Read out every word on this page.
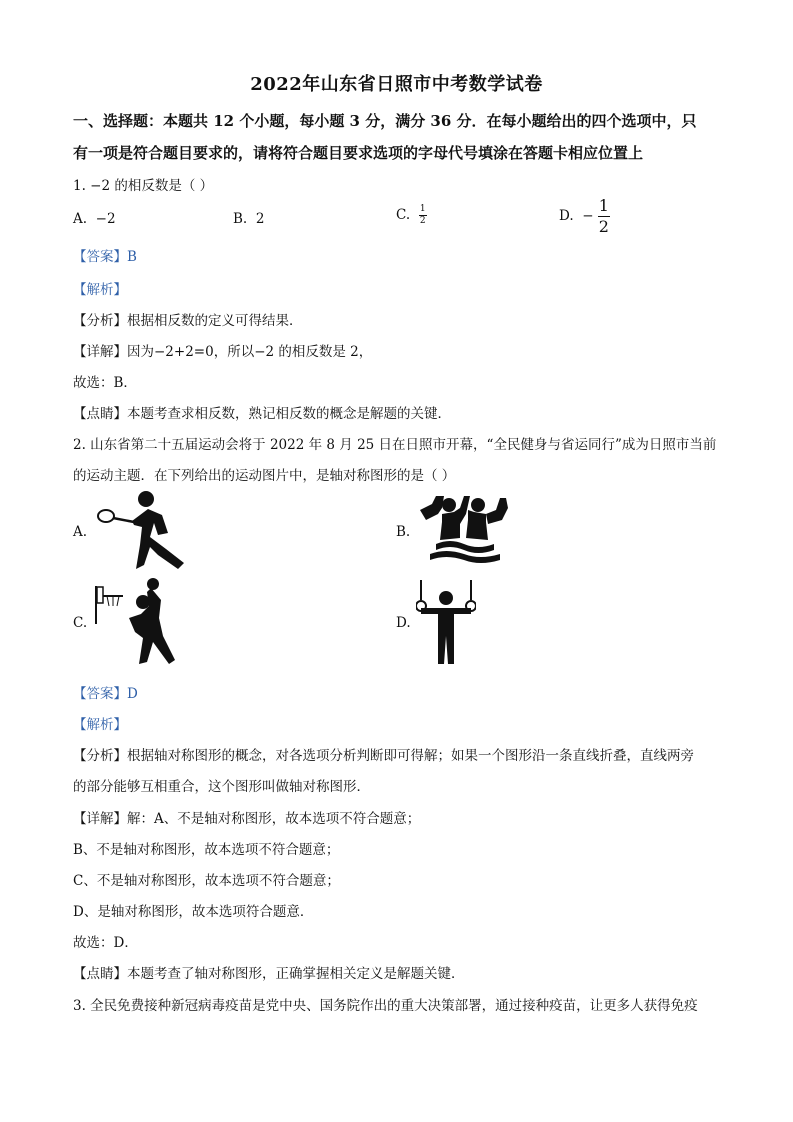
2022年山东省日照市中考数学试卷
一、选择题：本题共 12 个小题，每小题 3 分，满分 36 分．在每小题给出的四个选项中，只
有一项是符合题目要求的，请将符合题目要求选项的字母代号填涂在答题卡相应位置上
1. −2 的相反数是（ ）
A. −2	B. 2	C. $\frac{1}{2}$	D. − $\frac{1}{2}$
【答案】B
【解析】
【分析】根据相反数的定义可得结果．
【详解】因为−2+2=0，所以−2 的相反数是 2，
故选：B．
【点睛】本题考查求相反数，熟记相反数的概念是解题的关键．
2. 山东省第二十五届运动会将于 2022 年 8 月 25 日在日照市开幕，“全民健身与省运同行”成为日照市当前
的运动主题．在下列给出的运动图片中，是轴对称图形的是（ ）
A.	B.
C.	D.
【答案】D
【解析】
【分析】根据轴对称图形的概念，对各选项分析判断即可得解；如果一个图形沿一条直线折叠，直线两旁
的部分能够互相重合，这个图形叫做轴对称图形．
【详解】解：A、不是轴对称图形，故本选项不符合题意；
B、不是轴对称图形，故本选项不符合题意；
C、不是轴对称图形，故本选项不符合题意；
D、是轴对称图形，故本选项符合题意．
故选：D．
【点睛】本题考查了轴对称图形，正确掌握相关定义是解题关键．
3. 全民免费接种新冠病毒疫苗是党中央、国务院作出的重大决策部署，通过接种疫苗，让更多人获得免疫
